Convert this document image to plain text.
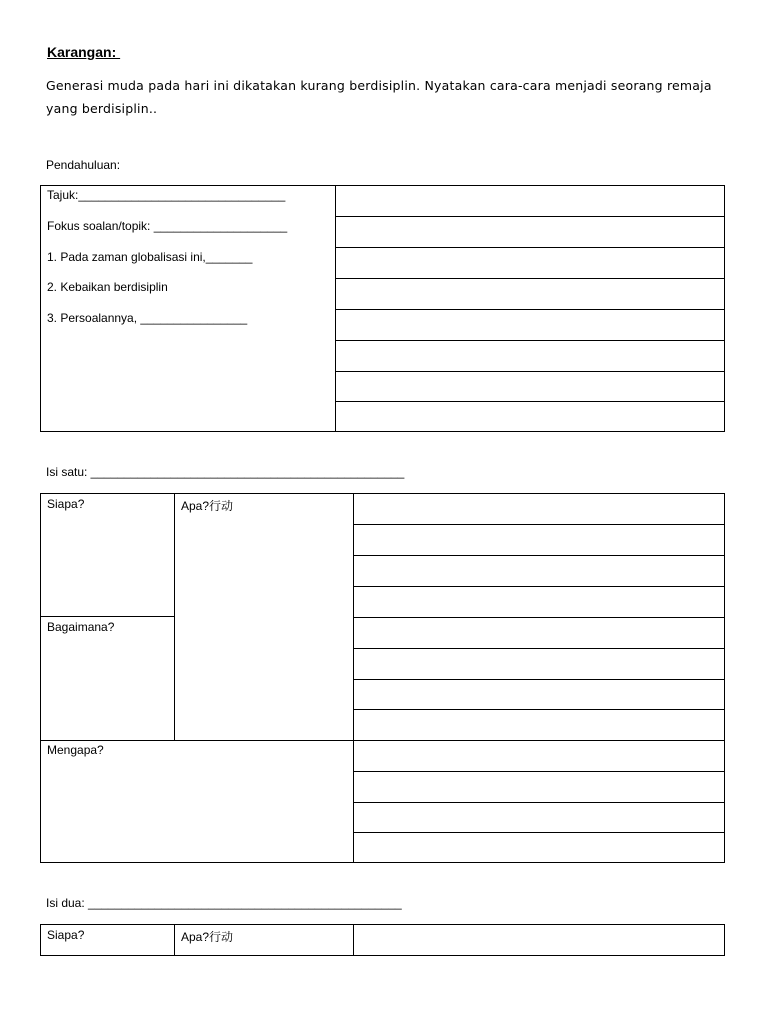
Karangan:
Generasi muda pada hari ini dikatakan kurang berdisiplin. Nyatakan cara-cara menjadi seorang remaja yang berdisiplin..
Pendahuluan:
Tajuk:_______________________________
Fokus soalan/topik: ____________________
1. Pada zaman globalisasi ini,_______
2. Kebaikan berdisiplin
3. Persoalannya, ________________
Isi satu: _______________________________________________
Siapa?	Apa?行动
Bagaimana?
Mengapa?
Isi dua: _______________________________________________
Siapa?	Apa?行动
